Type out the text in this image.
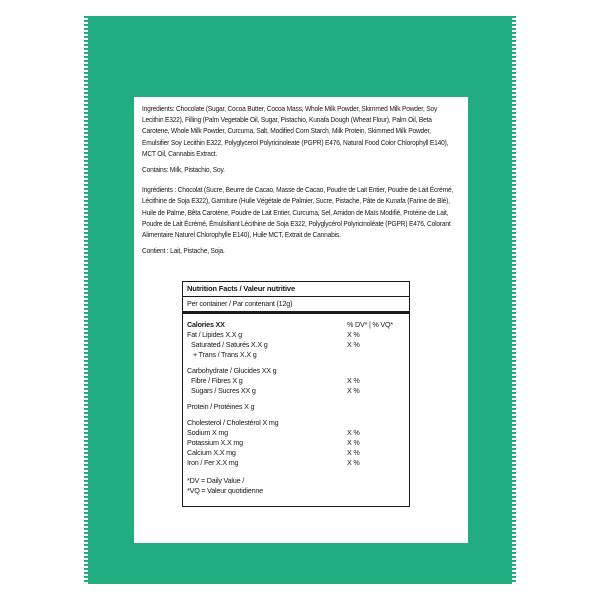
Ingredients: Chocolate (Sugar, Cocoa Butter, Cocoa Mass, Whole Milk Powder, Skimmed Milk Powder, Soy Lecithin E322), Filling (Palm Vegetable Oil, Sugar, Pistachio, Kunafa Dough (Wheat Flour), Palm Oil, Beta Carotene, Whole Milk Powder, Curcuma, Salt, Modified Corn Starch, Milk Protein, Skimmed Milk Powder, Emulsifier Soy Lecithin E322, Polyglycerol Polyricinoleate (PGPR) E476, Natural Food Color Chlorophyll E140), MCT Oil, Cannabis Extract.

Contains: Milk, Pistachio, Soy.

Ingrédients : Chocolat (Sucre, Beurre de Cacao, Masse de Cacao, Poudre de Lait Entier, Poudre de Lait Écrémé, Lécithine de Soja E322), Garniture (Huile Végétale de Palmier, Sucre, Pistache, Pâte de Kunafa (Farine de Blé), Huile de Palme, Bêta Carotène, Poudre de Lait Entier, Curcuma, Sel, Amidon de Maïs Modifié, Protéine de Lait, Poudre de Lait Écrémé, Émulsifiant Lécithine de Soja E322, Polyglycérol Polyricinoléate (PGPR) E476, Colorant Alimentaire Naturel Chlorophylle E140), Huile MCT, Extrait de Cannabis.

Contient : Lait, Pistache, Soja.

Nutrition Facts / Valeur nutritive
Per container / Par contenant (12g)
Calories XX	% DV* | % VQ*
Fat / Lipides X.X g	X %
Saturated / Saturés X.X g	X %
+ Trans / Trans X.X g
Carbohydrate / Glucides XX g
Fibre / Fibres X g	X %
Sugars / Sucres XX g	X %
Protein / Protéines X g
Cholesterol / Cholestérol X mg
Sodium X mg	X %
Potassium X.X mg	X %
Calcium X.X mg	X %
Iron / Fer X.X mg	X %
*DV = Daily Value /
*VQ = Valeur quotidienne
